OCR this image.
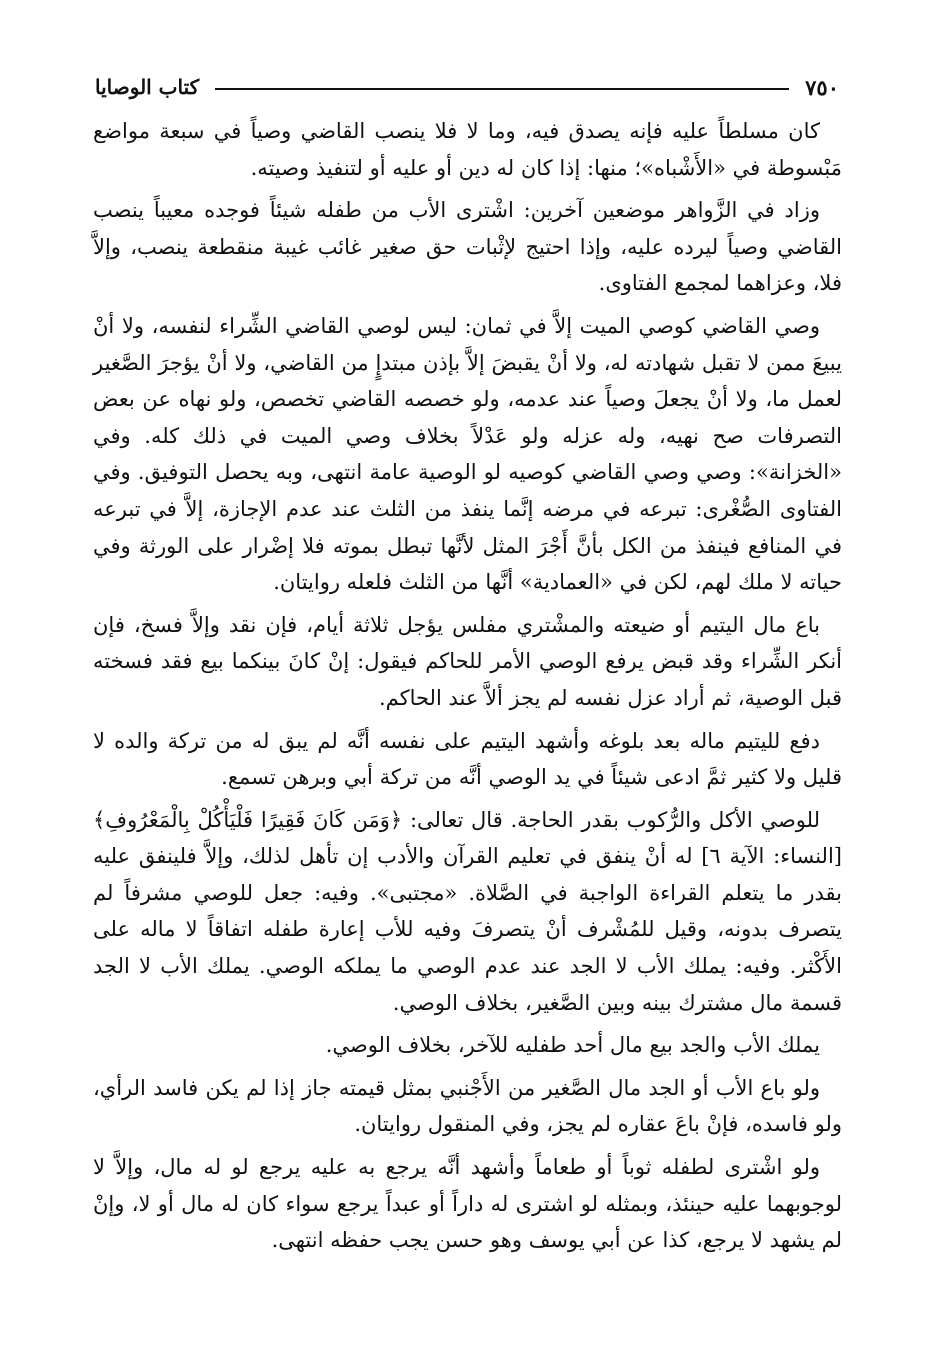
٧٥٠
كتاب الوصايا

كان مسلطاً عليه فإنه يصدق فيه، وما لا فلا ينصب القاضي وصياً في سبعة مواضع مَبْسوطة في «الأَشْباه»؛ منها: إذا كان له دين أو عليه أو لتنفيذ وصيته.

وزاد في الزَّواهر موضعين آخرين: اشْترى الأب من طفله شيئاً فوجده معيباً ينصب القاضي وصياً ليرده عليه، وإذا احتيج لإثْبات حق صغير غائب غيبة منقطعة ينصب، وإلاَّ فلا، وعزاهما لمجمع الفتاوى.

وصي القاضي كوصي الميت إلاَّ في ثمان: ليس لوصي القاضي الشِّراء لنفسه، ولا أنْ يبيعَ ممن لا تقبل شهادته له، ولا أنْ يقبضَ إلاَّ بإذن مبتدإٍ من القاضي، ولا أنْ يؤجرَ الصَّغير لعمل ما، ولا أنْ يجعلَ وصياً عند عدمه، ولو خصصه القاضي تخصص، ولو نهاه عن بعض التصرفات صح نهيه، وله عزله ولو عَدْلاً بخلاف وصي الميت في ذلك كله. وفي «الخزانة»: وصي وصي القاضي كوصيه لو الوصية عامة انتهى، وبه يحصل التوفيق. وفي الفتاوى الصُّغْرى: تبرعه في مرضه إنَّما ينفذ من الثلث عند عدم الإجازة، إلاَّ في تبرعه في المنافع فينفذ من الكل بأنَّ أَجْرَ المثل لأنَّها تبطل بموته فلا إضْرار على الورثة وفي حياته لا ملك لهم، لكن في «العمادية» أنَّها من الثلث فلعله روايتان.

باع مال اليتيم أو ضيعته والمشْتري مفلس يؤجل ثلاثة أيام، فإن نقد وإلاَّ فسخ، فإن أنكر الشِّراء وقد قبض يرفع الوصي الأمر للحاكم فيقول: إنْ كانَ بينكما بيع فقد فسخته قبل الوصية، ثم أراد عزل نفسه لم يجز ألاَّ عند الحاكم.

دفع لليتيم ماله بعد بلوغه وأشهد اليتيم على نفسه أنَّه لم يبق له من تركة والده لا قليل ولا كثير ثمَّ ادعى شيئاً في يد الوصي أنَّه من تركة أبي وبرهن تسمع.

للوصي الأكل والرُّكوب بقدر الحاجة. قال تعالى: ﴿وَمَن كَانَ فَقِيرًا فَلْيَأْكُلْ بِالْمَعْرُوفِ﴾ [النساء: الآية ٦] له أنْ ينفق في تعليم القرآن والأدب إن تأهل لذلك، وإلاَّ فلينفق عليه بقدر ما يتعلم القراءة الواجبة في الصَّلاة. «مجتبى». وفيه: جعل للوصي مشرفاً لم يتصرف بدونه، وقيل للمُشْرف أنْ يتصرفَ وفيه للأب إعارة طفله اتفاقاً لا ماله على الأَكْثر. وفيه: يملك الأب لا الجد عند عدم الوصي ما يملكه الوصي. يملك الأب لا الجد قسمة مال مشترك بينه وبين الصَّغير، بخلاف الوصي.

يملك الأب والجد بيع مال أحد طفليه للآخر، بخلاف الوصي.

ولو باع الأب أو الجد مال الصَّغير من الأَجْنبي بمثل قيمته جاز إذا لم يكن فاسد الرأي، ولو فاسده، فإنْ باعَ عقاره لم يجز، وفي المنقول روايتان.

ولو اشْترى لطفله ثوباً أو طعاماً وأشهد أنَّه يرجع به عليه يرجع لو له مال، وإلاَّ لا لوجوبهما عليه حينئذ، وبمثله لو اشترى له داراً أو عبداً يرجع سواء كان له مال أو لا، وإنْ لم يشهد لا يرجع، كذا عن أبي يوسف وهو حسن يجب حفظه انتهى.
